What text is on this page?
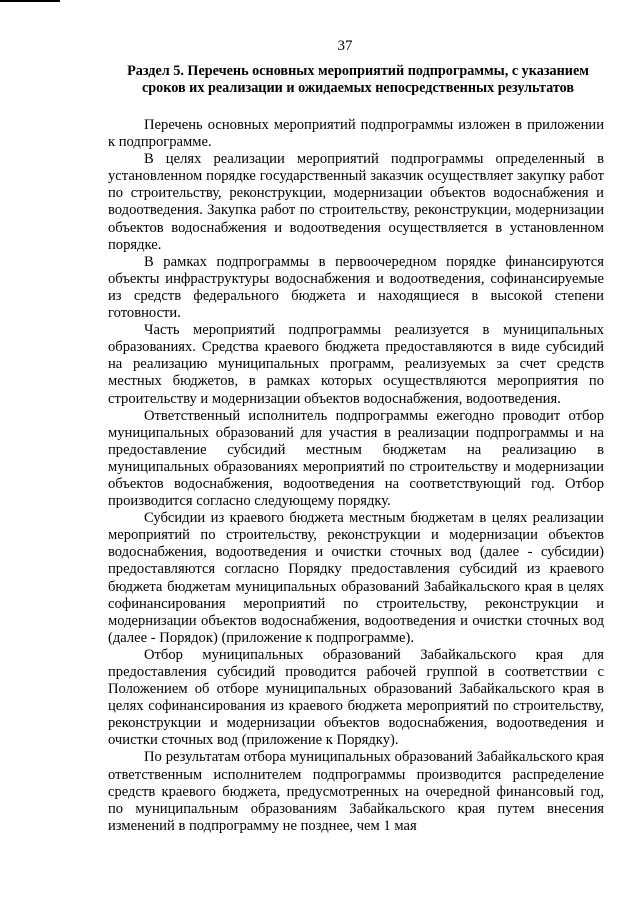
37
Раздел 5. Перечень основных мероприятий подпрограммы, с указанием сроков их реализации и ожидаемых непосредственных результатов

Перечень основных мероприятий подпрограммы изложен в приложении к подпрограмме.

В целях реализации мероприятий подпрограммы определенный в установленном порядке государственный заказчик осуществляет закупку работ по строительству, реконструкции, модернизации объектов водоснабжения и водоотведения. Закупка работ по строительству, реконструкции, модернизации объектов водоснабжения и водоотведения осуществляется в установленном порядке.

В рамках подпрограммы в первоочередном порядке финансируются объекты инфраструктуры водоснабжения и водоотведения, софинансируемые из средств федерального бюджета и находящиеся в высокой степени готовности.

Часть мероприятий подпрограммы реализуется в муниципальных образованиях. Средства краевого бюджета предоставляются в виде субсидий на реализацию муниципальных программ, реализуемых за счет средств местных бюджетов, в рамках которых осуществляются мероприятия по строительству и модернизации объектов водоснабжения, водоотведения.

Ответственный исполнитель подпрограммы ежегодно проводит отбор муниципальных образований для участия в реализации подпрограммы и на предоставление субсидий местным бюджетам на реализацию в муниципальных образованиях мероприятий по строительству и модернизации объектов водоснабжения, водоотведения на соответствующий год. Отбор производится согласно следующему порядку.

Субсидии из краевого бюджета местным бюджетам в целях реализации мероприятий по строительству, реконструкции и модернизации объектов водоснабжения, водоотведения и очистки сточных вод (далее - субсидии) предоставляются согласно Порядку предоставления субсидий из краевого бюджета бюджетам муниципальных образований Забайкальского края в целях софинансирования мероприятий по строительству, реконструкции и модернизации объектов водоснабжения, водоотведения и очистки сточных вод (далее - Порядок) (приложение к подпрограмме).

Отбор муниципальных образований Забайкальского края для предоставления субсидий проводится рабочей группой в соответствии с Положением об отборе муниципальных образований Забайкальского края в целях софинансирования из краевого бюджета мероприятий по строительству, реконструкции и модернизации объектов водоснабжения, водоотведения и очистки сточных вод (приложение к Порядку).

По результатам отбора муниципальных образований Забайкальского края ответственным исполнителем подпрограммы производится распределение средств краевого бюджета, предусмотренных на очередной финансовый год, по муниципальным образованиям Забайкальского края путем внесения изменений в подпрограмму не позднее, чем 1 мая
